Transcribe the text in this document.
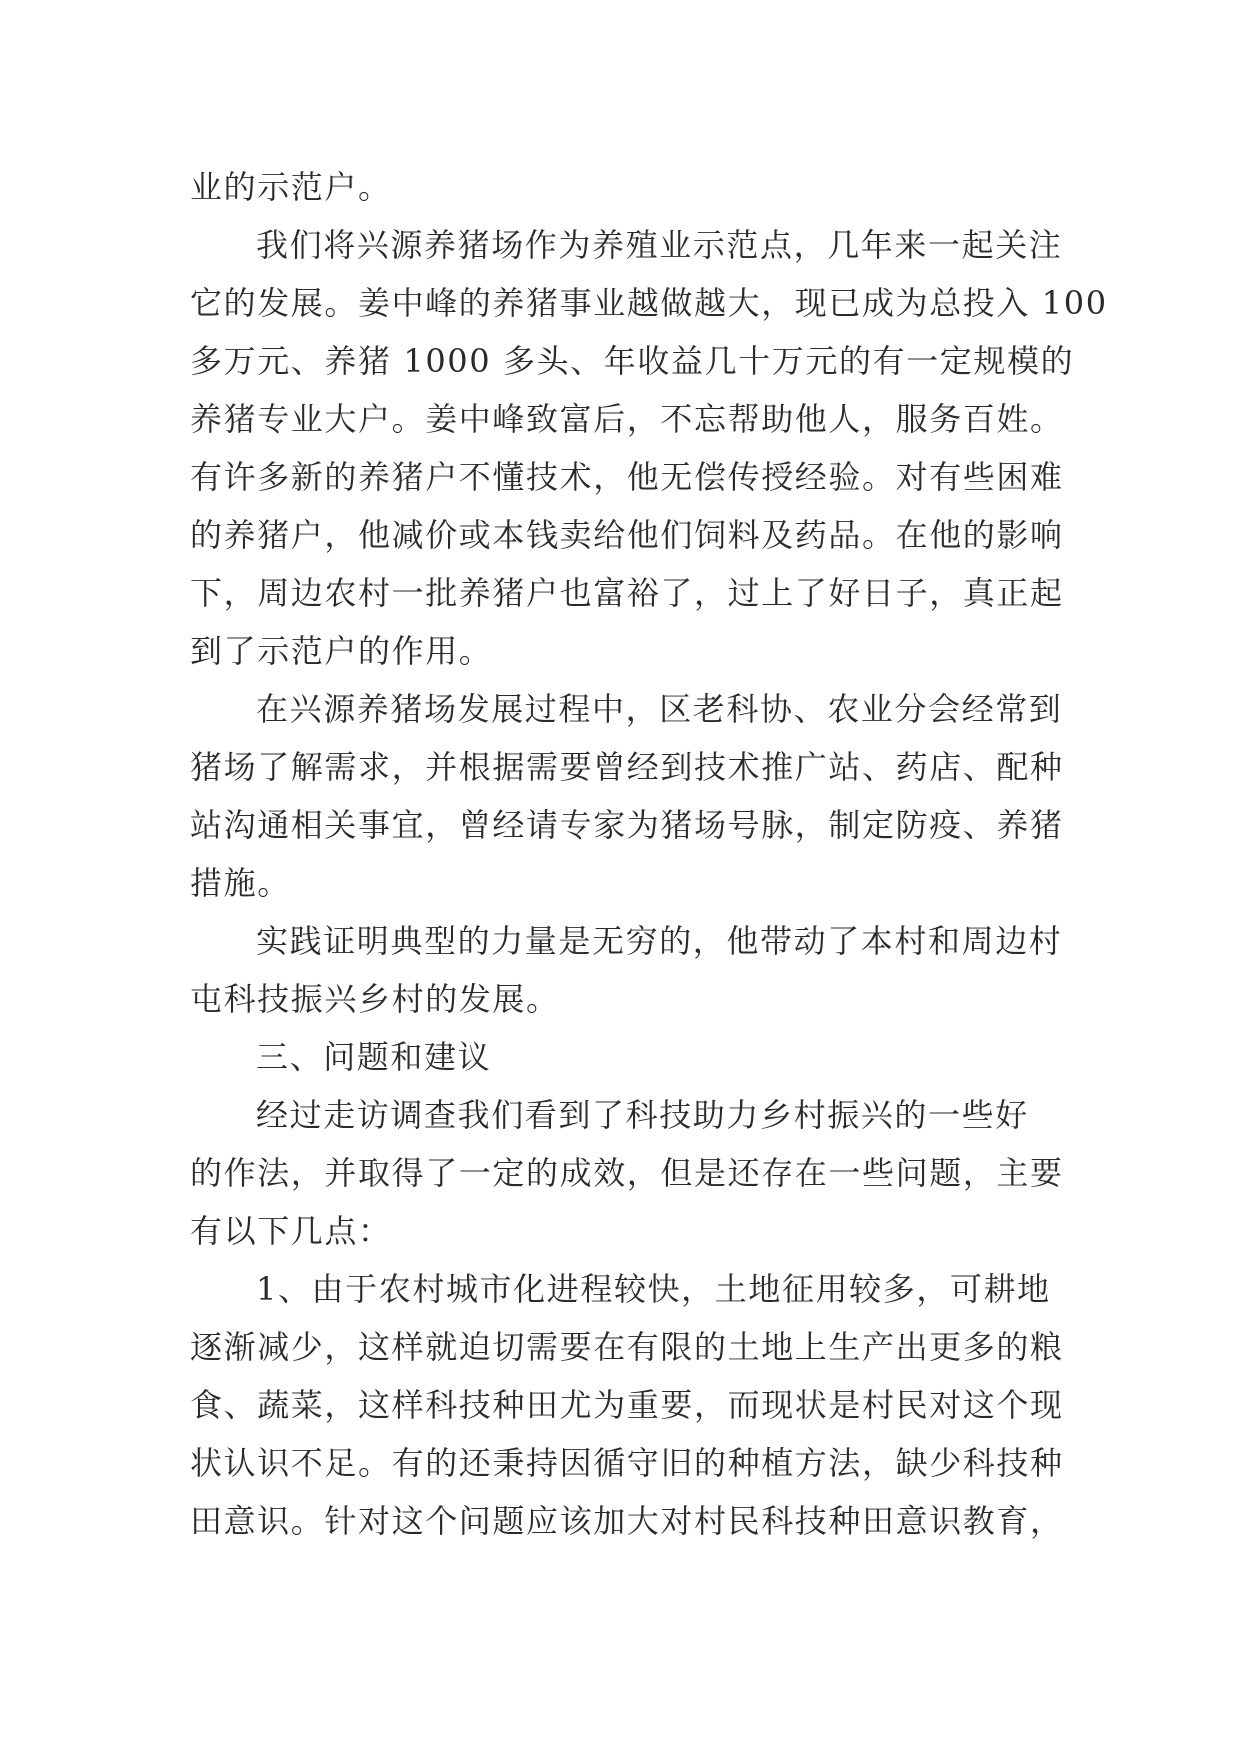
业的示范户。
我们将兴源养猪场作为养殖业示范点，几年来一起关注
它的发展。姜中峰的养猪事业越做越大，现已成为总投入 100
多万元、养猪 1000 多头、年收益几十万元的有一定规模的
养猪专业大户。姜中峰致富后，不忘帮助他人，服务百姓。
有许多新的养猪户不懂技术，他无偿传授经验。对有些困难
的养猪户，他减价或本钱卖给他们饲料及药品。在他的影响
下，周边农村一批养猪户也富裕了，过上了好日子，真正起
到了示范户的作用。
在兴源养猪场发展过程中，区老科协、农业分会经常到
猪场了解需求，并根据需要曾经到技术推广站、药店、配种
站沟通相关事宜，曾经请专家为猪场号脉，制定防疫、养猪
措施。
实践证明典型的力量是无穷的，他带动了本村和周边村
屯科技振兴乡村的发展。
三、问题和建议
经过走访调查我们看到了科技助力乡村振兴的一些好
的作法，并取得了一定的成效，但是还存在一些问题，主要
有以下几点：
1、由于农村城市化进程较快，土地征用较多，可耕地
逐渐减少，这样就迫切需要在有限的土地上生产出更多的粮
食、蔬菜，这样科技种田尤为重要，而现状是村民对这个现
状认识不足。有的还秉持因循守旧的种植方法，缺少科技种
田意识。针对这个问题应该加大对村民科技种田意识教育，
